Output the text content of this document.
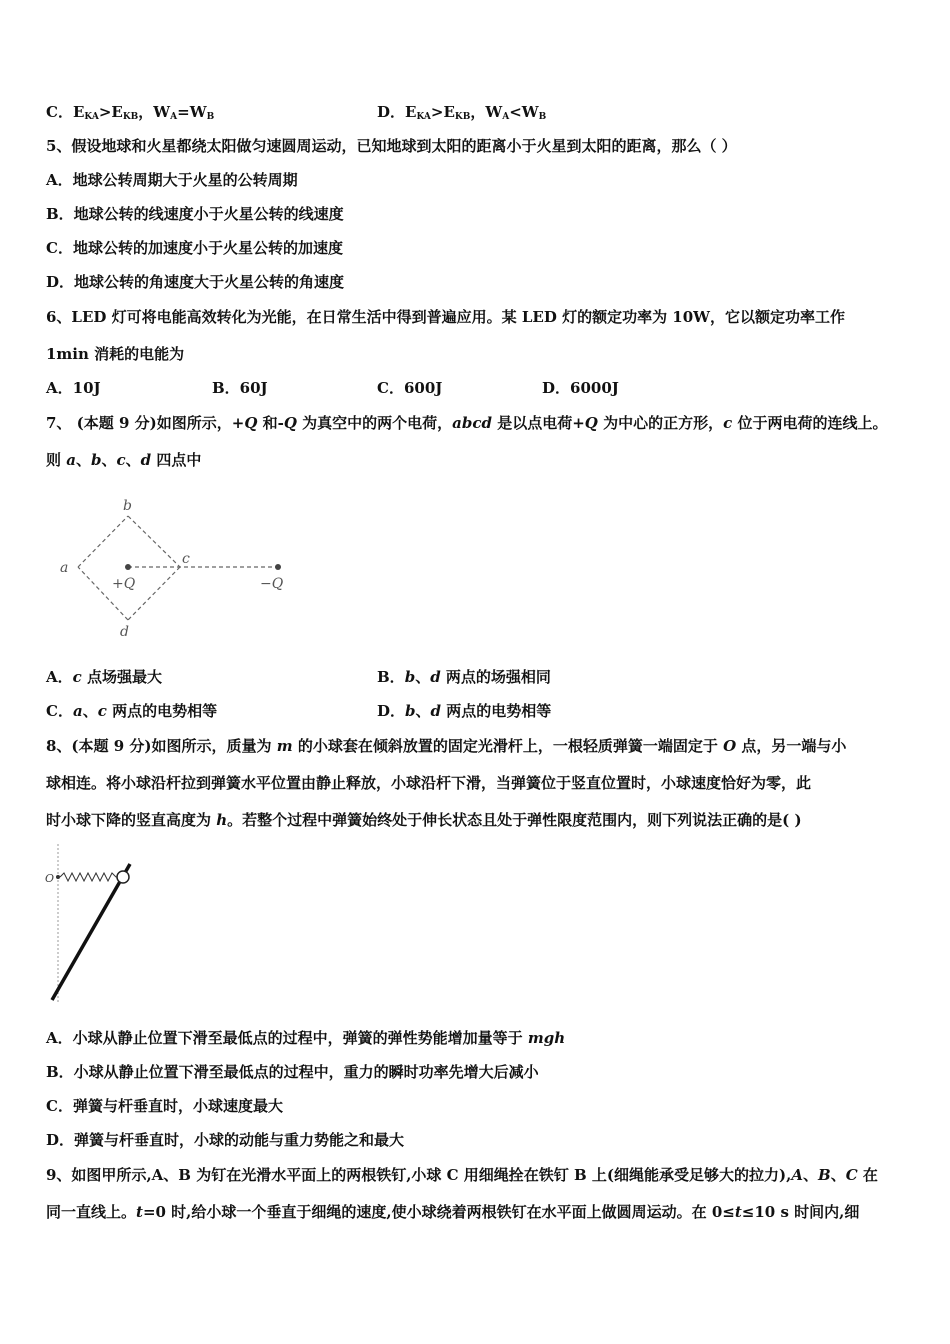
C．$E_{KA}>E_{KB}$，$W_A=W_B$	D．$E_{KA}>E_{KB}$，$W_A<W_B$
5、假设地球和火星都绕太阳做匀速圆周运动，已知地球到太阳的距离小于火星到太阳的距离，那么（ ）
A．地球公转周期大于火星的公转周期
B．地球公转的线速度小于火星公转的线速度
C．地球公转的加速度小于火星公转的加速度
D．地球公转的角速度大于火星公转的角速度
6、LED 灯可将电能高效转化为光能，在日常生活中得到普遍应用。某 LED 灯的额定功率为 10W，它以额定功率工作
1min 消耗的电能为
A．10J	B．60J	C．600J	D．6000J
7、 (本题 9 分)如图所示，+Q 和-Q 为真空中的两个电荷，abcd 是以点电荷+Q 为中心的正方形，c 位于两电荷的连线上。
则 a、b、c、d 四点中
a
b
c
d
+Q	−Q
A．c 点场强最大	B．b、d 两点的场强相同
C．a、c 两点的电势相等	D．b、d 两点的电势相等
8、(本题 9 分)如图所示，质量为 m 的小球套在倾斜放置的固定光滑杆上，一根轻质弹簧一端固定于 O 点，另一端与小
球相连。将小球沿杆拉到弹簧水平位置由静止释放，小球沿杆下滑，当弹簧位于竖直位置时，小球速度恰好为零，此
时小球下降的竖直高度为 h。若整个过程中弹簧始终处于伸长状态且处于弹性限度范围内，则下列说法正确的是( )
O
A．小球从静止位置下滑至最低点的过程中，弹簧的弹性势能增加量等于 mgh
B．小球从静止位置下滑至最低点的过程中，重力的瞬时功率先增大后减小
C．弹簧与杆垂直时，小球速度最大
D．弹簧与杆垂直时，小球的动能与重力势能之和最大
9、如图甲所示,A、B 为钉在光滑水平面上的两根铁钉,小球 C 用细绳拴在铁钉 B 上(细绳能承受足够大的拉力),A、B、C 在
同一直线上。t=0 时,给小球一个垂直于细绳的速度,使小球绕着两根铁钉在水平面上做圆周运动。在 0≤t≤10 s 时间内,细
